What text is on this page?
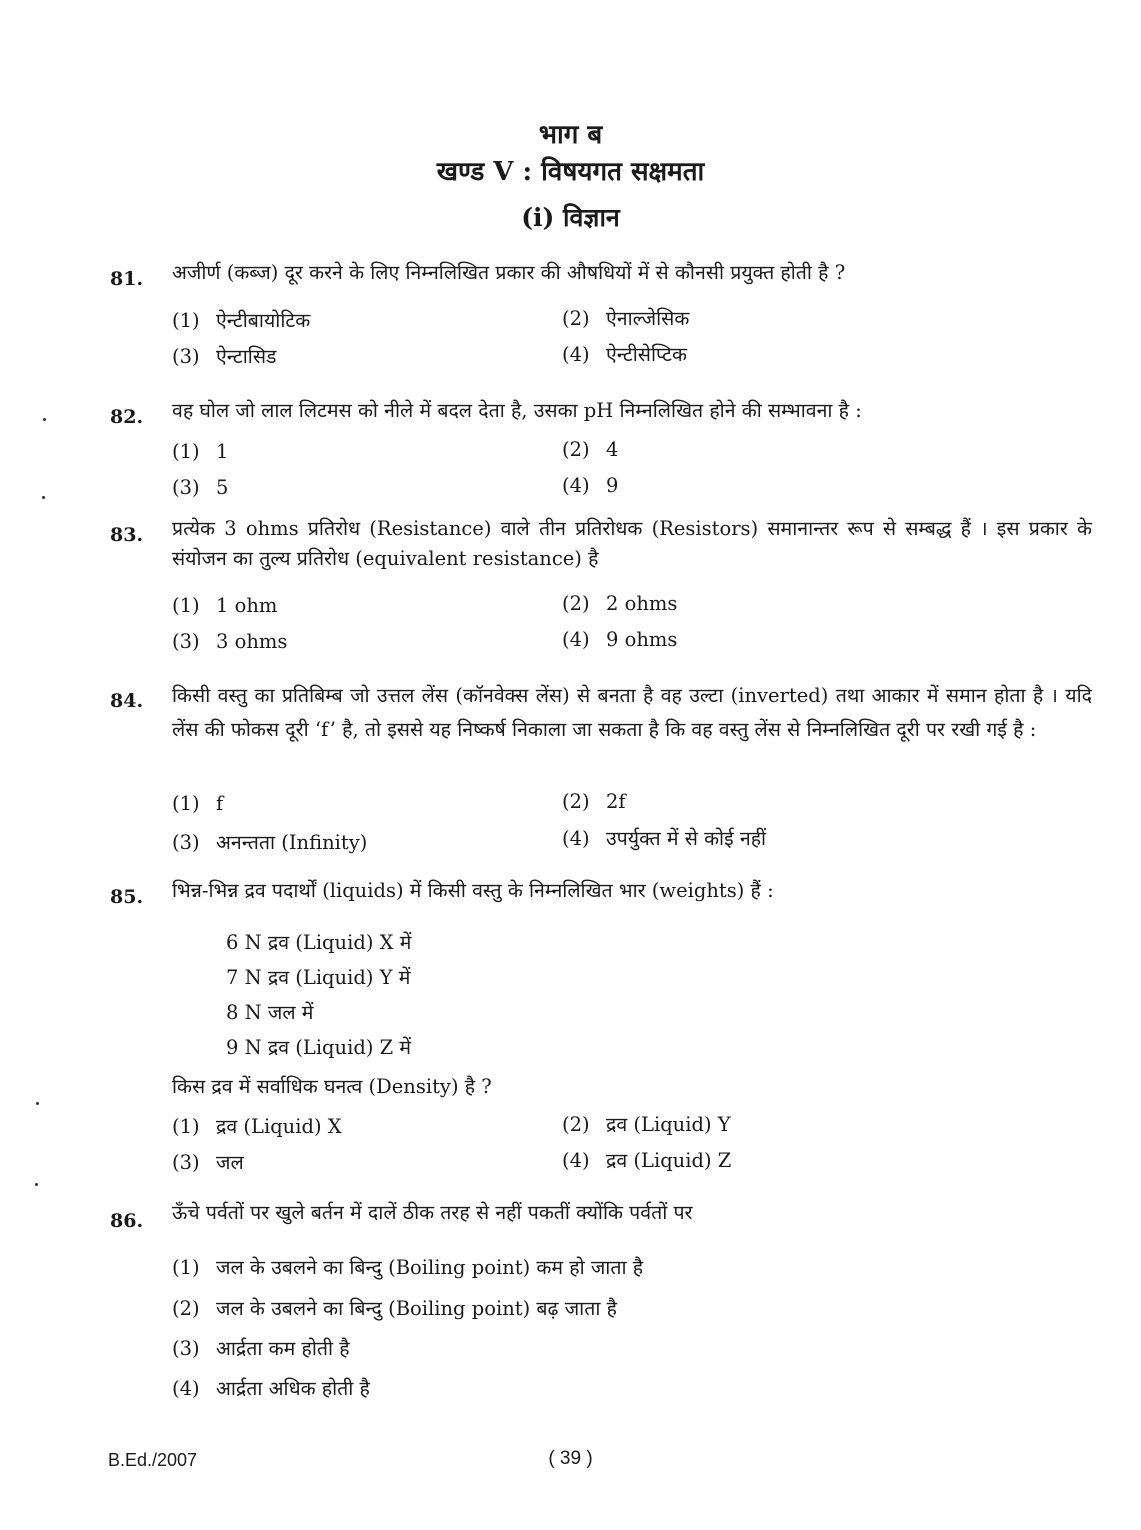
भाग ब
खण्ड V : विषयगत सक्षमता
(i) विज्ञान
81. अजीर्ण (कब्ज) दूर करने के लिए निम्नलिखित प्रकार की औषधियों में से कौनसी प्रयुक्त होती है ?
(1) ऐन्टीबायोटिक	(2) ऐनाल्जेसिक
(3) ऐन्टासिड	(4) ऐन्टीसेप्टिक
82. वह घोल जो लाल लिटमस को नीले में बदल देता है, उसका pH निम्नलिखित होने की सम्भावना है :
(1) 1	(2) 4
(3) 5	(4) 9
83. प्रत्येक 3 ohms प्रतिरोध (Resistance) वाले तीन प्रतिरोधक (Resistors) समानान्तर रूप से सम्बद्ध हैं । इस प्रकार के संयोजन का तुल्य प्रतिरोध (equivalent resistance) है
(1) 1 ohm	(2) 2 ohms
(3) 3 ohms	(4) 9 ohms
84. किसी वस्तु का प्रतिबिम्ब जो उत्तल लेंस (कॉनवेक्स लेंस) से बनता है वह उल्टा (inverted) तथा आकार में समान होता है । यदि लेंस की फोकस दूरी ‘f’ है, तो इससे यह निष्कर्ष निकाला जा सकता है कि वह वस्तु लेंस से निम्नलिखित दूरी पर रखी गई है :
(1) f	(2) 2f
(3) अनन्तता (Infinity)	(4) उपर्युक्त में से कोई नहीं
85. भिन्न-भिन्न द्रव पदार्थों (liquids) में किसी वस्तु के निम्नलिखित भार (weights) हैं :
6 N द्रव (Liquid) X में
7 N द्रव (Liquid) Y में
8 N जल में
9 N द्रव (Liquid) Z में
किस द्रव में सर्वाधिक घनत्व (Density) है ?
(1) द्रव (Liquid) X	(2) द्रव (Liquid) Y
(3) जल	(4) द्रव (Liquid) Z
86. ऊँचे पर्वतों पर खुले बर्तन में दालें ठीक तरह से नहीं पकतीं क्योंकि पर्वतों पर
(1) जल के उबलने का बिन्दु (Boiling point) कम हो जाता है
(2) जल के उबलने का बिन्दु (Boiling point) बढ़ जाता है
(3) आर्द्रता कम होती है
(4) आर्द्रता अधिक होती है
B.Ed./2007	( 39 )
